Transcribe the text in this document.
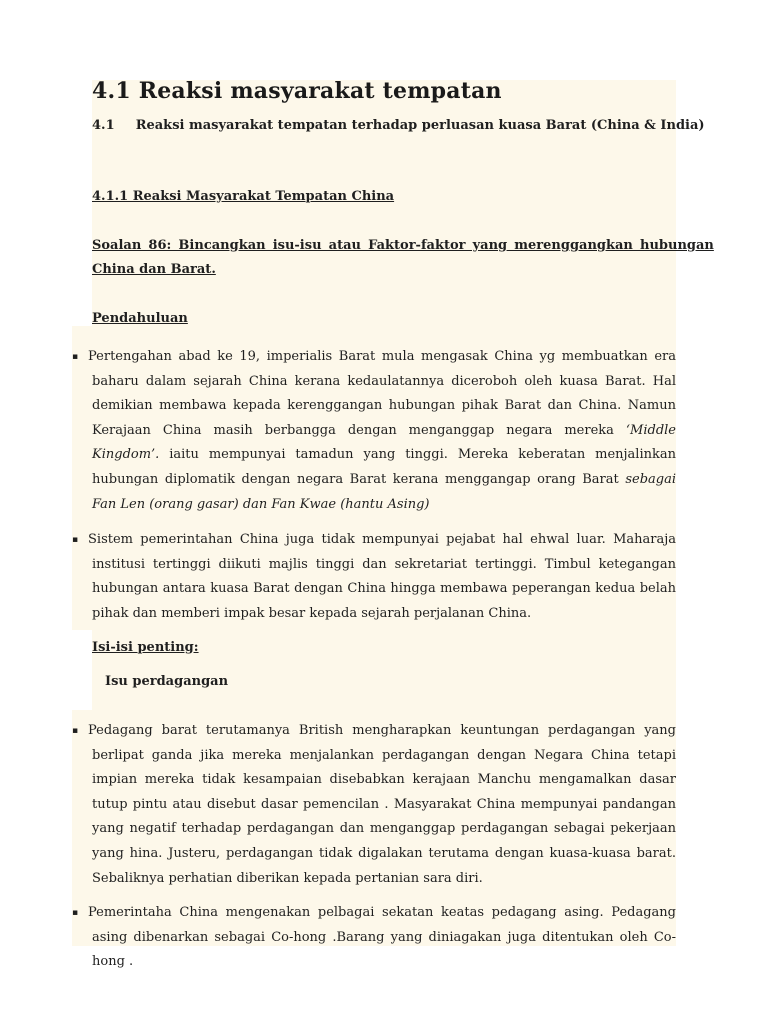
4.1 Reaksi masyarakat tempatan
4.1 Reaksi masyarakat tempatan terhadap perluasan kuasa Barat (China & India)
4.1.1 Reaksi Masyarakat Tempatan China
Soalan 86: Bincangkan isu-isu atau Faktor-faktor yang merenggangkan hubungan
China dan Barat.
Pendahuluan
▪ Pertengahan abad ke 19, imperialis Barat mula mengasak China yg membuatkan era baharu dalam sejarah China kerana kedaulatannya diceroboh oleh kuasa Barat. Hal demikian membawa kepada kerenggangan hubungan pihak Barat dan China. Namun Kerajaan China masih berbangga dengan menganggap negara mereka ‘Middle Kingdom’. iaitu mempunyai tamadun yang tinggi. Mereka keberatan menjalinkan hubungan diplomatik dengan negara Barat kerana menggangap orang Barat sebagai Fan Len (orang gasar) dan Fan Kwae (hantu Asing)
▪ Sistem pemerintahan China juga tidak mempunyai pejabat hal ehwal luar. Maharaja institusi tertinggi diikuti majlis tinggi dan sekretariat tertinggi. Timbul ketegangan hubungan antara kuasa Barat dengan China hingga membawa peperangan kedua belah pihak dan memberi impak besar kepada sejarah perjalanan China.
Isi-isi penting:
Isu perdagangan
▪ Pedagang barat terutamanya British mengharapkan keuntungan perdagangan yang berlipat ganda jika mereka menjalankan perdagangan dengan Negara China tetapi impian mereka tidak kesampaian disebabkan kerajaan Manchu mengamalkan dasar tutup pintu atau disebut dasar pemencilan . Masyarakat China mempunyai pandangan yang negatif terhadap perdagangan dan menganggap perdagangan sebagai pekerjaan yang hina. Justeru, perdagangan tidak digalakan terutama dengan kuasa-kuasa barat. Sebaliknya perhatian diberikan kepada pertanian sara diri.
▪ Pemerintaha China mengenakan pelbagai sekatan keatas pedagang asing. Pedagang asing dibenarkan sebagai Co-hong .Barang yang diniagakan juga ditentukan oleh Co-hong .
